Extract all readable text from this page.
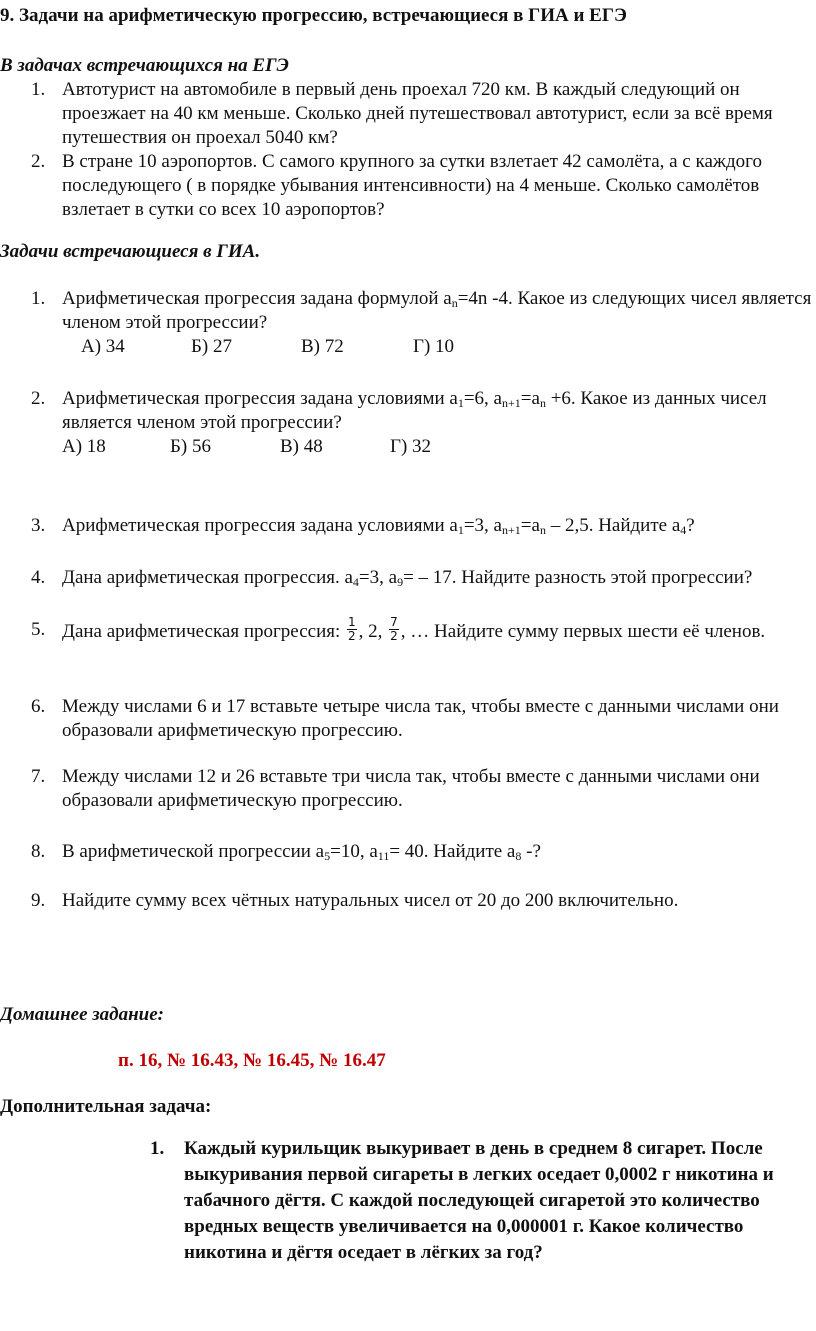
9. Задачи на арифметическую прогрессию, встречающиеся в ГИА и ЕГЭ
В задачах встречающихся на ЕГЭ
1. Автотурист на автомобиле в первый день проехал 720 км. В каждый следующий он проезжает на 40 км меньше. Сколько дней путешествовал автотурист, если за всё время путешествия он проехал 5040 км?
2. В стране 10 аэропортов. С самого крупного за сутки взлетает 42 самолёта, а с каждого последующего ( в порядке убывания интенсивности) на 4 меньше. Сколько самолётов взлетает в сутки со всех 10 аэропортов?
Задачи встречающиеся в ГИА.
1. Арифметическая прогрессия задана формулой $a_n=4n$ -4. Какое из следующих чисел является членом этой прогрессии?
А) 34	Б) 27	В) 72	Г) 10
2. Арифметическая прогрессия задана условиями $a_1=6$, $a_{n+1}=a_n +6$. Какое из данных чисел является членом этой прогрессии?
А) 18	Б) 56	В) 48	Г) 32
3. Арифметическая прогрессия задана условиями $a_1=3$, $a_{n+1}=a_n - 2,5$. Найдите $a_4$?
4. Дана арифметическая прогрессия. $a_4=3$, $a_9= - 17$. Найдите разность этой прогрессии?
5. Дана арифметическая прогрессия: $\frac{1}{2}$ , 2, $\frac{7}{2}$ , … Найдите сумму первых шести её членов.
6. Между числами 6 и 17 вставьте четыре числа так, чтобы вместе с данными числами они образовали арифметическую прогрессию.
7. Между числами 12 и 26 вставьте три числа так, чтобы вместе с данными числами они образовали арифметическую прогрессию.
8. В арифметической прогрессии $a_5=10$, $a_{11}= 40$. Найдите $a_8$ -?
9. Найдите сумму всех чётных натуральных чисел от 20 до 200 включительно.
Домашнее задание:
п. 16, № 16.43, № 16.45, № 16.47
Дополнительная задача:
1. Каждый курильщик выкуривает в день в среднем 8 сигарет. После выкуривания первой сигареты в легких оседает 0,0002 г никотина и табачного дёгтя. С каждой последующей сигаретой это количество вредных веществ увеличивается на 0,000001 г. Какое количество никотина и дёгтя оседает в лёгких за год?
